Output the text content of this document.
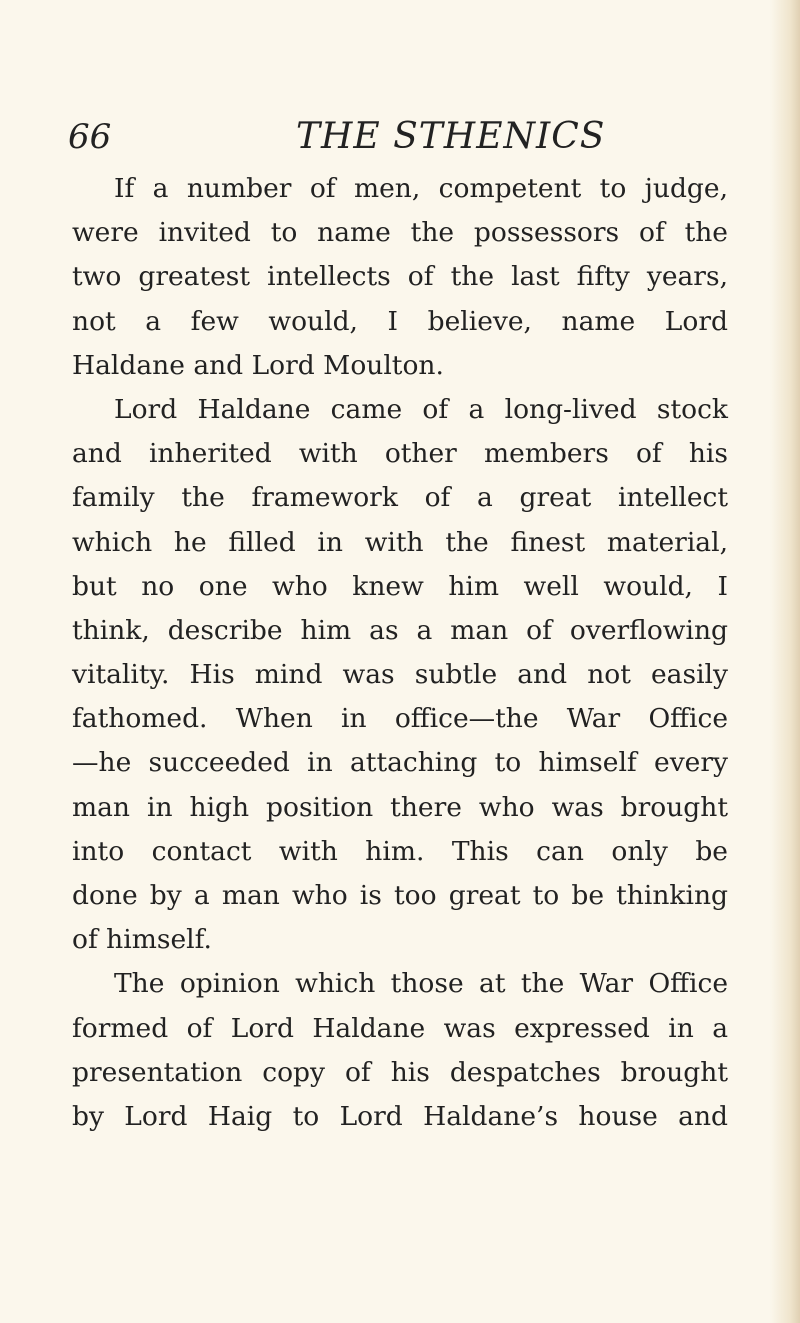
66	THE STHENICS
If a number of men, competent to judge,
were invited to name the possessors of the
two greatest intellects of the last fifty years,
not a few would, I believe, name Lord
Haldane and Lord Moulton.
Lord Haldane came of a long-lived stock
and inherited with other members of his
family the framework of a great intellect
which he filled in with the finest material,
but no one who knew him well would, I
think, describe him as a man of overflowing
vitality. His mind was subtle and not easily
fathomed. When in office—the War Office
—he succeeded in attaching to himself every
man in high position there who was brought
into contact with him. This can only be
done by a man who is too great to be thinking
of himself.
The opinion which those at the War Office
formed of Lord Haldane was expressed in a
presentation copy of his despatches brought
by Lord Haig to Lord Haldane’s house and
